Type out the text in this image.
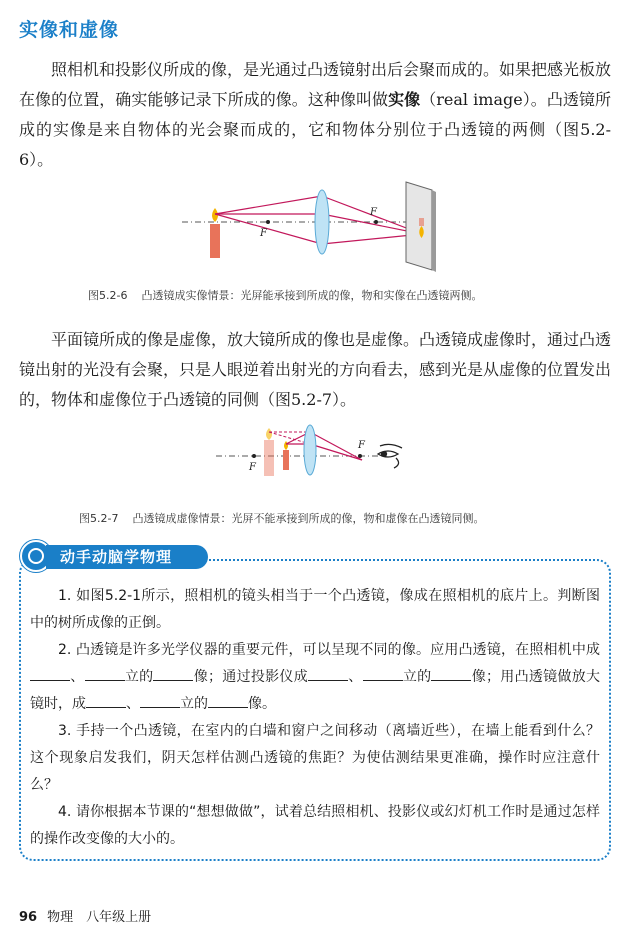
实像和虚像
照相机和投影仪所成的像，是光通过凸透镜射出后会聚而成的。如果把感光板放在像的位置，确实能够记录下所成的像。这种像叫做实像（real image）。凸透镜所成的实像是来自物体的光会聚而成的，它和物体分别位于凸透镜的两侧（图5.2-6）。
F
F
图5.2-6 凸透镜成实像情景：光屏能承接到所成的像，物和实像在凸透镜两侧。
平面镜所成的像是虚像，放大镜所成的像也是虚像。凸透镜成虚像时，通过凸透镜出射的光没有会聚，只是人眼逆着出射光的方向看去，感到光是从虚像的位置发出的，物体和虚像位于凸透镜的同侧（图5.2-7）。
F
F
图5.2-7 凸透镜成虚像情景：光屏不能承接到所成的像，物和虚像在凸透镜同侧。
动手动脑学物理
1. 如图5.2-1所示，照相机的镜头相当于一个凸透镜，像成在照相机的底片上。判断图中的树所成像的正倒。
2. 凸透镜是许多光学仪器的重要元件，可以呈现不同的像。应用凸透镜，在照相机中成、	立的	像；通过投影仪成	、	立的	像；用凸透镜做放大镜时，成	、	立的	像。
3. 手持一个凸透镜，在室内的白墙和窗户之间移动（离墙近些），在墙上能看到什么？这个现象启发我们，阴天怎样估测凸透镜的焦距？为使估测结果更准确，操作时应注意什么？
4. 请你根据本节课的“想想做做”，试着总结照相机、投影仪或幻灯机工作时是通过怎样的操作改变像的大小的。
96 物理　八年级上册
